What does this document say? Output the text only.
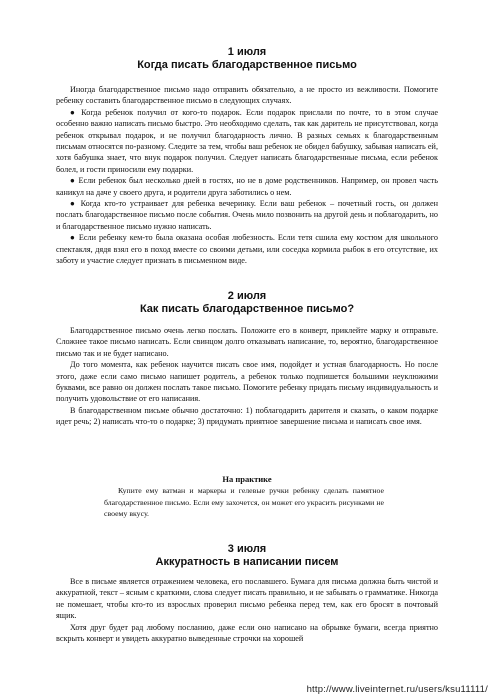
1 июля

Когда писать благодарственное письмо

Иногда благодарственное письмо надо отправить обязательно, а не просто из вежливости. Помогите ребенку составить благодарственное письмо в следующих случаях.

● Когда ребенок получил от кого-то подарок. Если подарок прислали по почте, то в этом случае особенно важно написать письмо быстро. Это необходимо сделать, так как даритель не присутствовал, когда ребенок открывал подарок, и не получил благодарность лично. В разных семьях к благодарственным письмам относятся по-разному. Следите за тем, чтобы ваш ребенок не обидел бабушку, забывая написать ей, хотя бабушка знает, что внук подарок получил. Следует написать благодарственные письма, если ребенок болел, и гости приносили ему подарки.

● Если ребенок был несколько дней в гостях, но не в доме родственников. Например, он провел часть каникул на даче у своего друга, и родители друга заботились о нем.

● Когда кто-то устраивает для ребенка вечеринку. Если ваш ребенок – почетный гость, он должен послать благодарственное письмо после события. Очень мило позвонить на другой день и поблагодарить, но и благодарственное письмо нужно написать.

● Если ребенку кем-то была оказана особая любезность. Если тетя сшила ему костюм для школьного спектакля, дядя взял его в поход вместе со своими детьми, или соседка кормила рыбок в его отсутствие, их заботу и участие следует признать в письменном виде.

2 июля

Как писать благодарственное письмо?

Благодарственное письмо очень легко послать. Положите его в конверт, приклейте марку и отправьте. Сложнее такое письмо написать. Если свинцом долго отказывать написание, то, вероятно, благодарственное письмо так и не будет написано.

До того момента, как ребенок научится писать свое имя, подойдет и устная благодарность. Но после этого, даже если само письмо напишет родитель, а ребенок только подпишется большими неуклюжими буквами, все равно он должен послать такое письмо. Помогите ребенку придать письму индивидуальность и получить удовольствие от его написания.

В благодарственном письме обычно достаточно: 1) поблагодарить дарителя и сказать, о каком подарке идет речь; 2) написать что-то о подарке; 3) придумать приятное завершение письма и написать свое имя.

На практике

Купите ему ватман и маркеры и гелевые ручки ребенку сделать памятное благодарственное письмо. Если ему захочется, он может его украсить рисунками не своему вкусу.

3 июля

Аккуратность в написании писем

Все в письме является отражением человека, его пославшего. Бумага для письма должна быть чистой и аккуратной, текст – ясным с краткими, слова следует писать правильно, и не забывать о грамматике. Никогда не помешает, чтобы кто-то из взрослых проверил письмо ребенка перед тем, как его бросят в почтовый ящик.

Хотя друг будет рад любому посланию, даже если оно написано на обрывке бумаги, всегда приятно вскрыть конверт и увидеть аккуратно выведенные строчки на хорошей

http://www.liveinternet.ru/users/ksu11111/
